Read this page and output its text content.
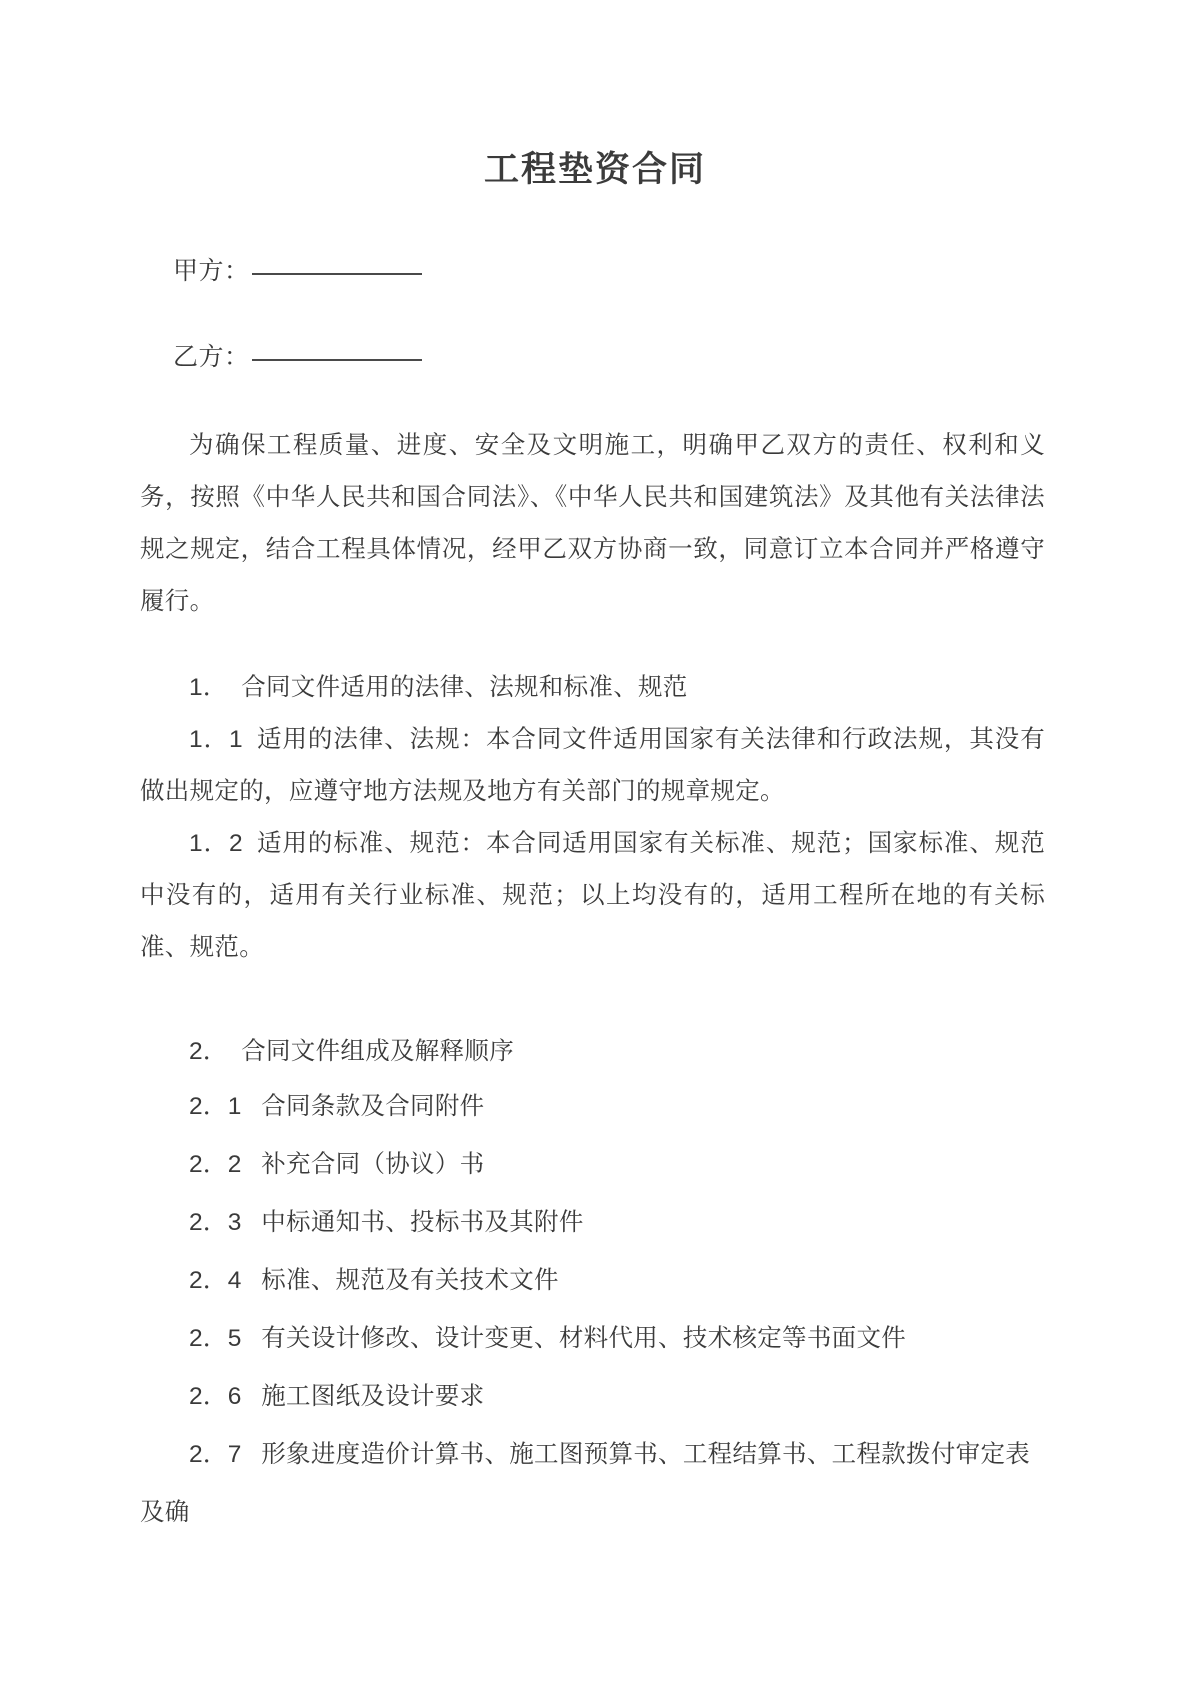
工程垫资合同
甲方：
乙方：

为确保工程质量、进度、安全及文明施工，明确甲乙双方的责任、权利和义务，按照《中华人民共和国合同法》、《中华人民共和国建筑法》及其他有关法律法规之规定，结合工程具体情况，经甲乙双方协商一致，同意订立本合同并严格遵守履行。

1． 合同文件适用的法律、法规和标准、规范

1．1 适用的法律、法规：本合同文件适用国家有关法律和行政法规，其没有做出规定的，应遵守地方法规及地方有关部门的规章规定。

1．2 适用的标准、规范：本合同适用国家有关标准、规范；国家标准、规范中没有的，适用有关行业标准、规范；以上均没有的，适用工程所在地的有关标准、规范。

2． 合同文件组成及解释顺序

2．1 合同条款及合同附件

2．2 补充合同（协议）书

2．3 中标通知书、投标书及其附件

2．4 标准、规范及有关技术文件

2．5 有关设计修改、设计变更、材料代用、技术核定等书面文件

2．6 施工图纸及设计要求

2．7 形象进度造价计算书、施工图预算书、工程结算书、工程款拨付审定表及确
